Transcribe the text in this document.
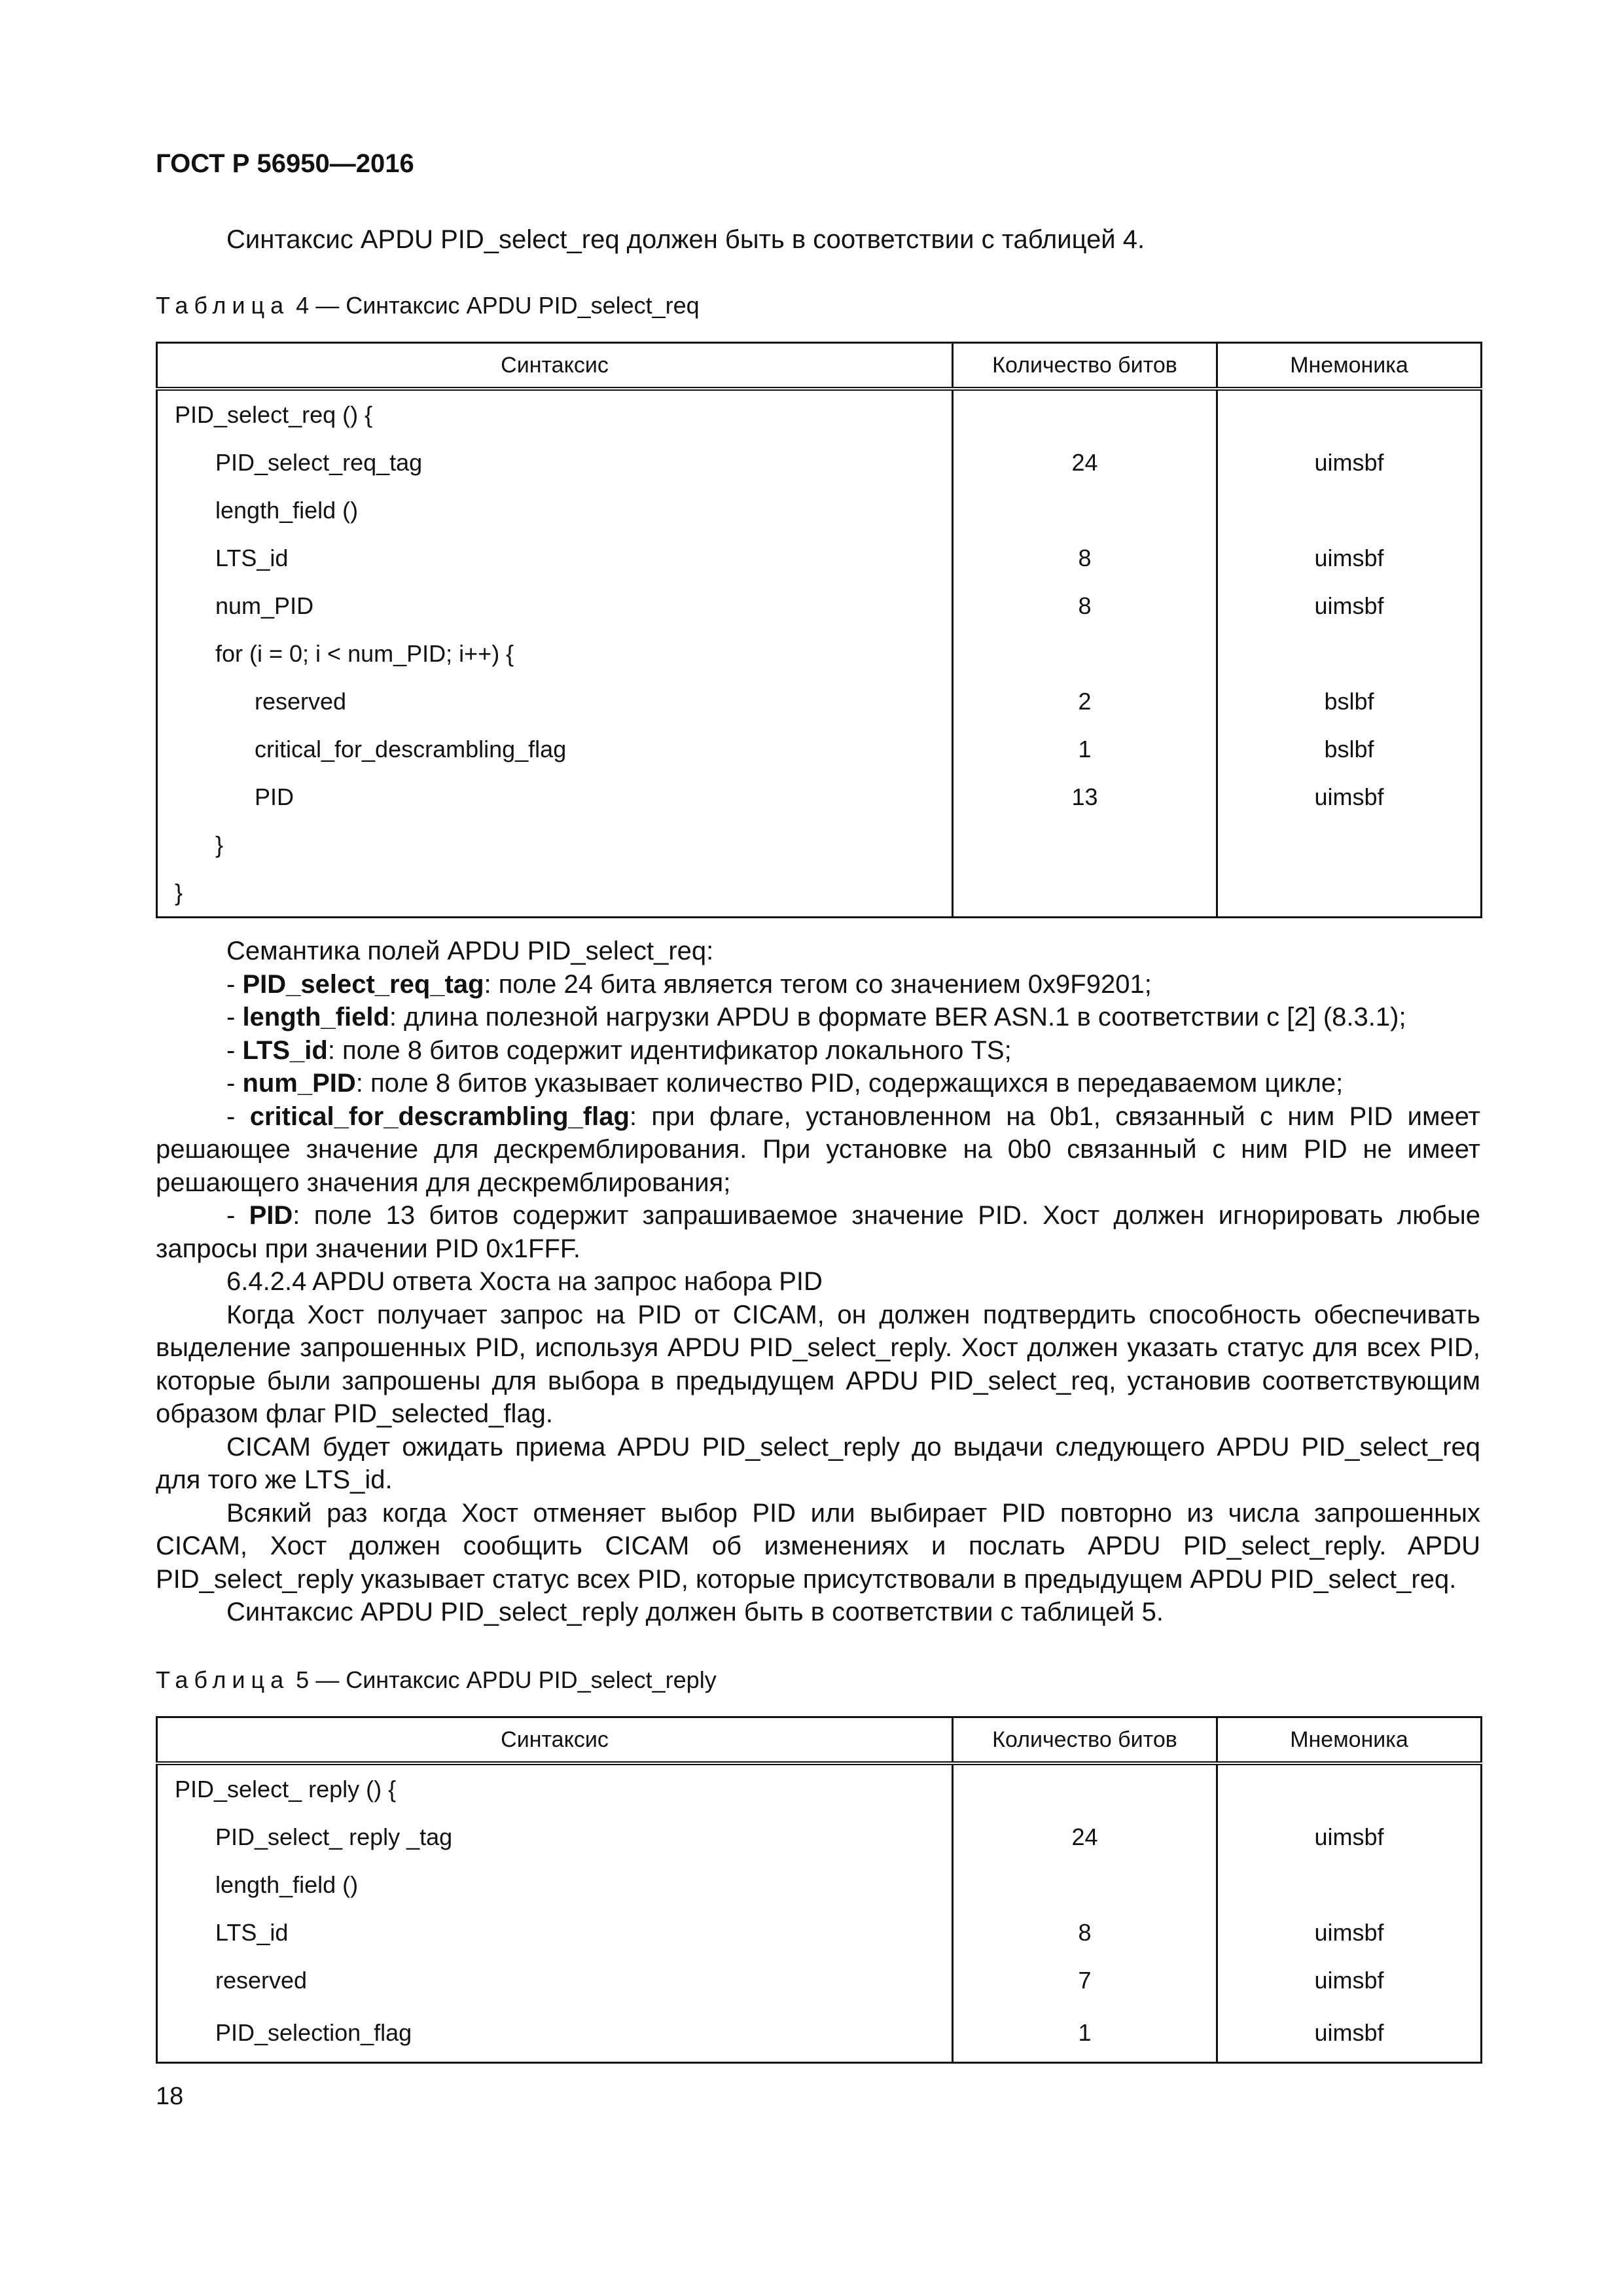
ГОСТ Р 56950—2016
Синтаксис APDU PID_select_req должен быть в соответствии с таблицей 4.
Таблица 4 — Синтаксис APDU PID_select_req
Синтаксис	Количество битов	Мнемоника
PID_select_req () {		
PID_select_req_tag	24	uimsbf
length_field ()		
LTS_id	8	uimsbf
num_PID	8	uimsbf
for (i = 0; i < num_PID; i++) {		
reserved	2	bslbf
critical_for_descrambling_flag	1	bslbf
PID	13	uimsbf
}		
}		

Семантика полей APDU PID_select_req:

- PID_select_req_tag: поле 24 бита является тегом со значением 0x9F9201;

- length_field: длина полезной нагрузки APDU в формате BER ASN.1 в соответствии с [2] (8.3.1);

- LTS_id: поле 8 битов содержит идентификатор локального TS;

- num_PID: поле 8 битов указывает количество PID, содержащихся в передаваемом цикле;

- critical_for_descrambling_flag: при флаге, установленном на 0b1, связанный с ним PID имеет решающее значение для дескремблирования. При установке на 0b0 связанный с ним PID не имеет решающего значения для дескремблирования;

- PID: поле 13 битов содержит запрашиваемое значение PID. Хост должен игнорировать любые запросы при значении PID 0x1FFF.

6.4.2.4 APDU ответа Хоста на запрос набора PID

Когда Хост получает запрос на PID от CICAM, он должен подтвердить способность обеспечивать выделение запрошенных PID, используя APDU PID_select_reply. Хост должен указать статус для всех PID, которые были запрошены для выбора в предыдущем APDU PID_select_req, установив соответствующим образом флаг PID_selected_flag.

CICAM будет ожидать приема APDU PID_select_reply до выдачи следующего APDU PID_select_req для того же LTS_id.

Всякий раз когда Хост отменяет выбор PID или выбирает PID повторно из числа запрошенных CICAM, Хост должен сообщить CICAM об изменениях и послать APDU PID_select_reply. APDU PID_select_reply указывает статус всех PID, которые присутствовали в предыдущем APDU PID_select_req.

Синтаксис APDU PID_select_reply должен быть в соответствии с таблицей 5.

Таблица 5 — Синтаксис APDU PID_select_reply
Синтаксис	Количество битов	Мнемоника
PID_select_ reply () {		
PID_select_ reply _tag	24	uimsbf
length_field ()		
LTS_id	8	uimsbf
reserved	7	uimsbf
PID_selection_flag	1	uimsbf
18
